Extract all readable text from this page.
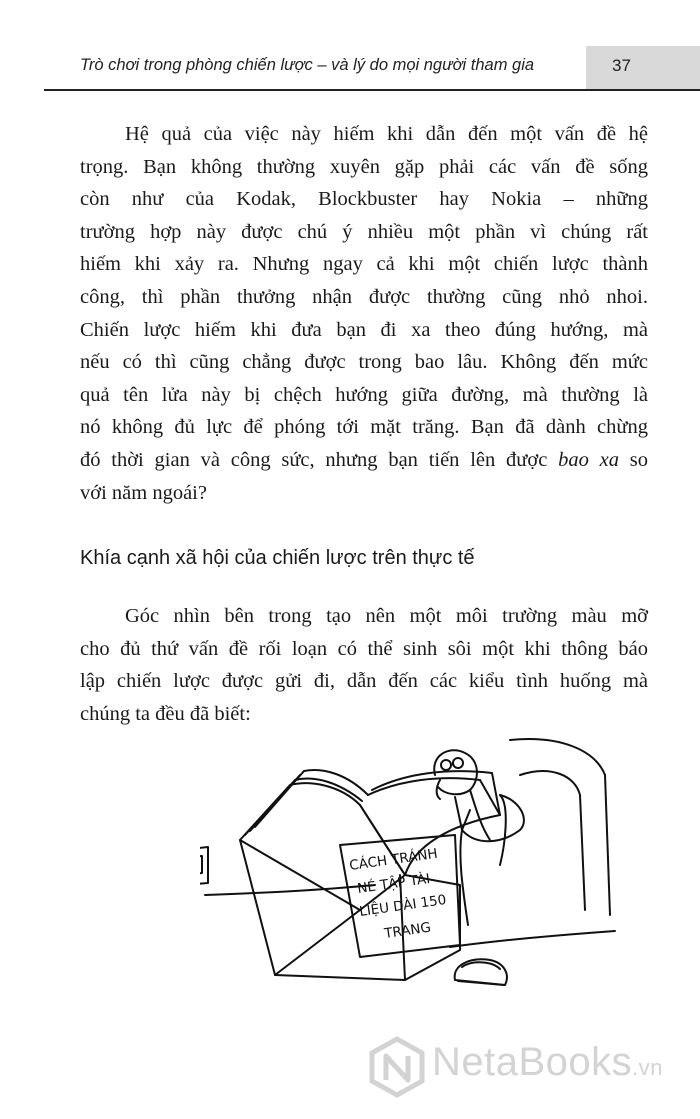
Trò chơi trong phòng chiến lược – và lý do mọi người tham gia	37
Hệ quả của việc này hiếm khi dẫn đến một vấn đề hệ
trọng. Bạn không thường xuyên gặp phải các vấn đề sống
còn như của Kodak, Blockbuster hay Nokia – những
trường hợp này được chú ý nhiều một phần vì chúng rất
hiếm khi xảy ra. Nhưng ngay cả khi một chiến lược thành
công, thì phần thưởng nhận được thường cũng nhỏ nhoi.
Chiến lược hiếm khi đưa bạn đi xa theo đúng hướng, mà
nếu có thì cũng chẳng được trong bao lâu. Không đến mức
quả tên lửa này bị chệch hướng giữa đường, mà thường là
nó không đủ lực để phóng tới mặt trăng. Bạn đã dành chừng
đó thời gian và công sức, nhưng bạn tiến lên được bao xa so
với năm ngoái?
Khía cạnh xã hội của chiến lược trên thực tế
Góc nhìn bên trong tạo nên một môi trường màu mỡ
cho đủ thứ vấn đề rối loạn có thể sinh sôi một khi thông báo
lập chiến lược được gửi đi, dẫn đến các kiểu tình huống mà
chúng ta đều đã biết:
CÁCH TRÁNH
NÉ TẬP TÀI
LIỆU DÀI 150
TRANG
NetaBooks.vn
